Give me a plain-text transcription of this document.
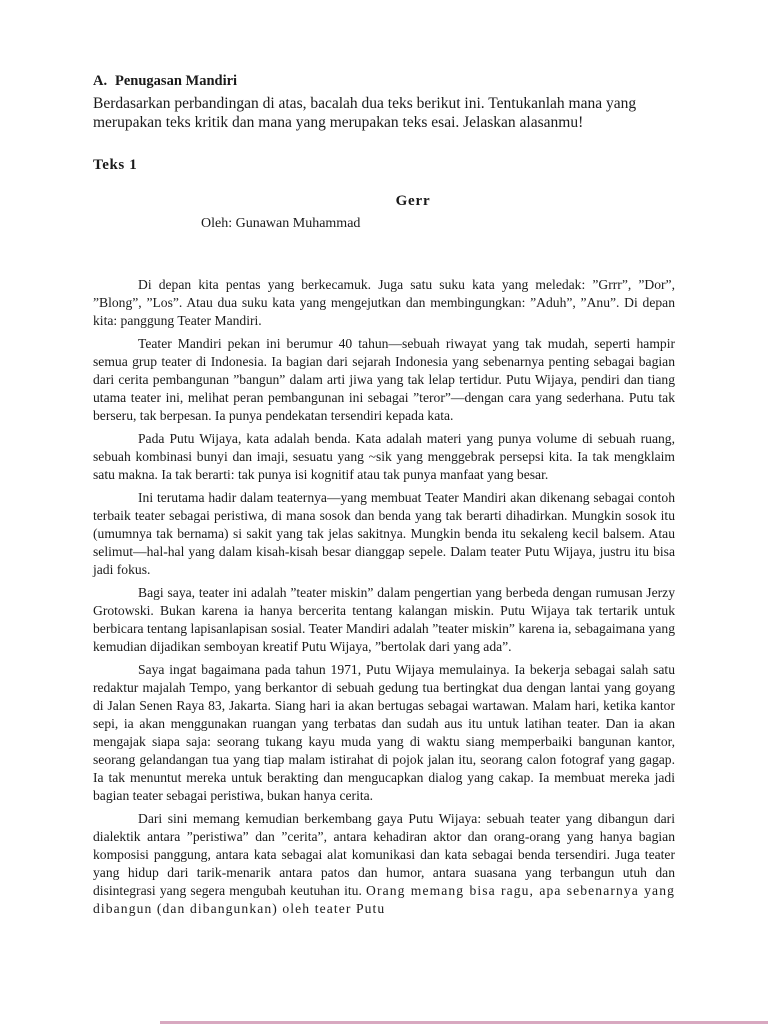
A. Penugasan Mandiri

Berdasarkan perbandingan di atas, bacalah dua teks berikut ini. Tentukanlah mana yang merupakan teks kritik dan mana yang merupakan teks esai. Jelaskan alasanmu!

Teks 1

Gerr

Oleh: Gunawan Muhammad

Di depan kita pentas yang berkecamuk. Juga satu suku kata yang meledak: ”Grrr”, ”Dor”, ”Blong”, ”Los”. Atau dua suku kata yang mengejutkan dan membingungkan: ”Aduh”, ”Anu”. Di depan kita: panggung Teater Mandiri.

Teater Mandiri pekan ini berumur 40 tahun—sebuah riwayat yang tak mudah, seperti hampir semua grup teater di Indonesia. Ia bagian dari sejarah Indonesia yang sebenarnya penting sebagai bagian dari cerita pembangunan ”bangun” dalam arti jiwa yang tak lelap tertidur. Putu Wijaya, pendiri dan tiang utama teater ini, melihat peran pembangunan ini sebagai ”teror”—dengan cara yang sederhana. Putu tak berseru, tak berpesan. Ia punya pendekatan tersendiri kepada kata.

Pada Putu Wijaya, kata adalah benda. Kata adalah materi yang punya volume di sebuah ruang, sebuah kombinasi bunyi dan imaji, sesuatu yang ~sik yang menggebrak persepsi kita. Ia tak mengklaim satu makna. Ia tak berarti: tak punya isi kognitif atau tak punya manfaat yang besar.

Ini terutama hadir dalam teaternya—yang membuat Teater Mandiri akan dikenang sebagai contoh terbaik teater sebagai peristiwa, di mana sosok dan benda yang tak berarti dihadirkan. Mungkin sosok itu (umumnya tak bernama) si sakit yang tak jelas sakitnya. Mungkin benda itu sekaleng kecil balsem. Atau selimut—hal-hal yang dalam kisah-kisah besar dianggap sepele. Dalam teater Putu Wijaya, justru itu bisa jadi fokus.

Bagi saya, teater ini adalah ”teater miskin” dalam pengertian yang berbeda dengan rumusan Jerzy Grotowski. Bukan karena ia hanya bercerita tentang kalangan miskin. Putu Wijaya tak tertarik untuk berbicara tentang lapisanlapisan sosial. Teater Mandiri adalah ”teater miskin” karena ia, sebagaimana yang kemudian dijadikan semboyan kreatif Putu Wijaya, ”bertolak dari yang ada”.

Saya ingat bagaimana pada tahun 1971, Putu Wijaya memulainya. Ia bekerja sebagai salah satu redaktur majalah Tempo, yang berkantor di sebuah gedung tua bertingkat dua dengan lantai yang goyang di Jalan Senen Raya 83, Jakarta. Siang hari ia akan bertugas sebagai wartawan. Malam hari, ketika kantor sepi, ia akan menggunakan ruangan yang terbatas dan sudah aus itu untuk latihan teater. Dan ia akan mengajak siapa saja: seorang tukang kayu muda yang di waktu siang memperbaiki bangunan kantor, seorang gelandangan tua yang tiap malam istirahat di pojok jalan itu, seorang calon fotograf yang gagap. Ia tak menuntut mereka untuk berakting dan mengucapkan dialog yang cakap. Ia membuat mereka jadi bagian teater sebagai peristiwa, bukan hanya cerita.

Dari sini memang kemudian berkembang gaya Putu Wijaya: sebuah teater yang dibangun dari dialektik antara ”peristiwa” dan ”cerita”, antara kehadiran aktor dan orang-orang yang hanya bagian komposisi panggung, antara kata sebagai alat komunikasi dan kata sebagai benda tersendiri. Juga teater yang hidup dari tarik-menarik antara patos dan humor, antara suasana yang terbangun utuh dan disintegrasi yang segera mengubah keutuhan itu. Orang memang bisa ragu, apa sebenarnya yang dibangun (dan dibangunkan) oleh teater Putu
